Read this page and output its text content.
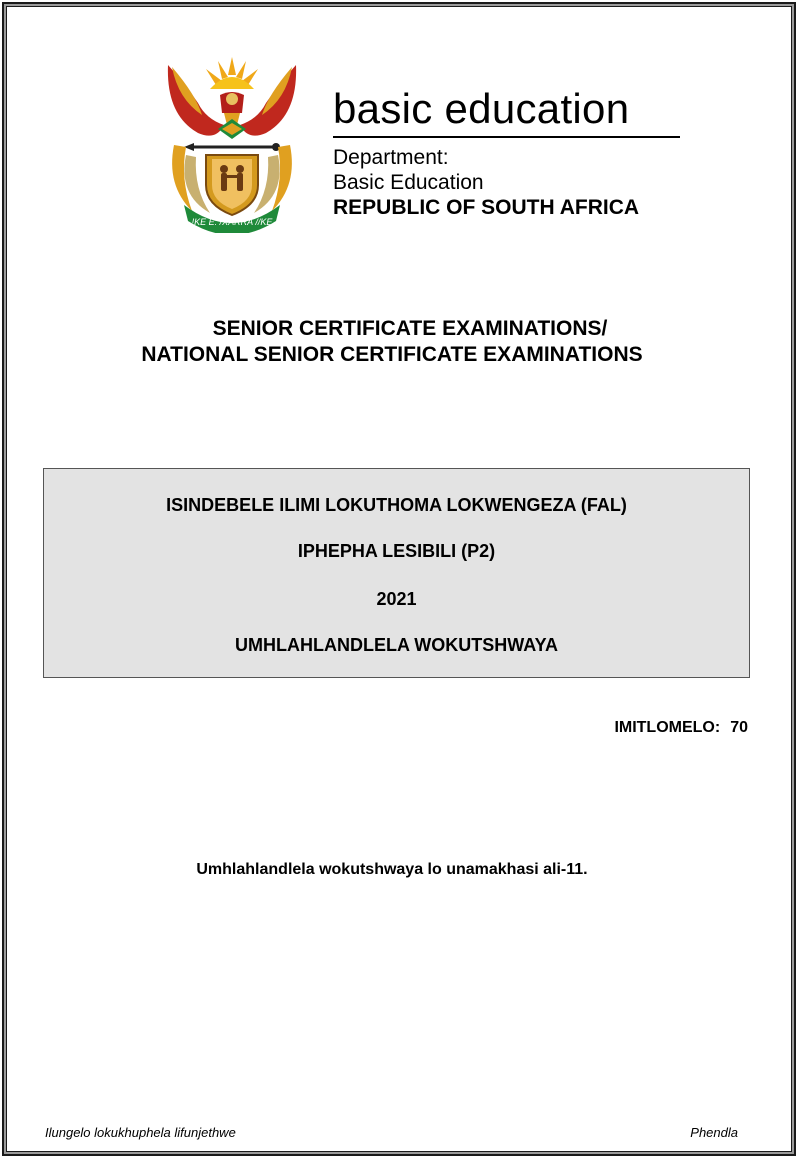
!KE E: /XARRA //KE
basic education
Department:
Basic Education
REPUBLIC OF SOUTH AFRICA
SENIOR CERTIFICATE EXAMINATIONS/
NATIONAL SENIOR CERTIFICATE EXAMINATIONS
ISINDEBELE ILIMI LOKUTHOMA LOKWENGEZA (FAL)
IPHEPHA LESIBILI (P2)
2021
UMHLAHLANDLELA WOKUTSHWAYA
IMITLOMELO: 70
Umhlahlandlela wokutshwaya lo unamakhasi ali-11.
Ilungelo lokukhuphela lifunjethwe	Phendla
